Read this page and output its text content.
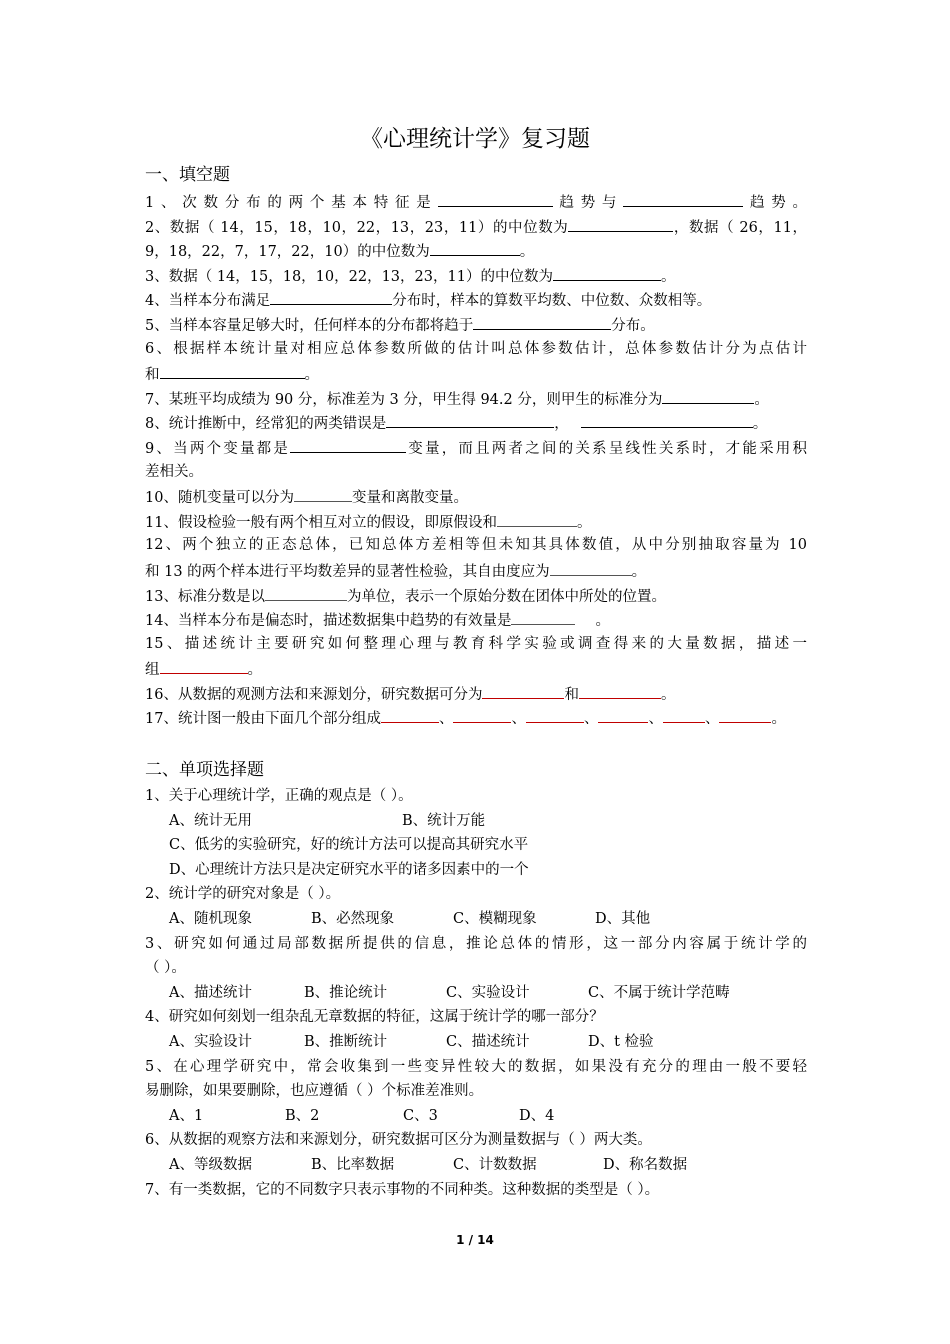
《心理统计学》复习题
一、填空题
1、次数分布的两个基本特征是	趋势与	趋势。
2、数据（ 14，15，18，10，22，13，23，11）的中位数为	，数据（ 26，11，
9，18，22，7，17，22，10）的中位数为	。
3、数据（ 14，15，18，10，22，13，23，11）的中位数为	。
4、当样本分布满足	分布时，样本的算数平均数、中位数、众数相等。
5、当样本容量足够大时，任何样本的分布都将趋于	分布。
6、根据样本统计量对相应总体参数所做的估计叫总体参数估计，总体参数估计分为点估计
和	。
7、某班平均成绩为 90 分，标准差为 3 分，甲生得 94.2 分，则甲生的标准分为	。
8、统计推断中，经常犯的两类错误是	，	。
9、当两个变量都是	变量，而且两者之间的关系呈线性关系时，才能采用积
差相关。
10、随机变量可以分为	变量和离散变量。
11、假设检验一般有两个相互对立的假设，即原假设和	。
12、两个独立的正态总体，已知总体方差相等但未知其具体数值，从中分别抽取容量为 10
和 13 的两个样本进行平均数差异的显著性检验，其自由度应为	。
13、标准分数是以	为单位，表示一个原始分数在团体中所处的位置。
14、当样本分布是偏态时，描述数据集中趋势的有效量是	。
15、描述统计主要研究如何整理心理与教育科学实验或调查得来的大量数据，描述一
组	。
16、从数据的观测方法和来源划分，研究数据可分为	和	。
17、统计图一般由下面几个部分组成	、	、	、	、	、	。
二、单项选择题
1、关于心理统计学，正确的观点是（ ）。
A、统计无用	B、统计万能
C、低劣的实验研究，好的统计方法可以提高其研究水平
D、心理统计方法只是决定研究水平的诸多因素中的一个
2、统计学的研究对象是（ ）。
A、随机现象	B、必然现象	C、模糊现象	D、其他
3、研究如何通过局部数据所提供的信息，推论总体的情形，这一部分内容属于统计学的
（ ）。
A、描述统计	B、推论统计	C、实验设计	C、不属于统计学范畴
4、研究如何刻划一组杂乱无章数据的特征，这属于统计学的哪一部分？
A、实验设计	B、推断统计	C、描述统计	D、t 检验
5、在心理学研究中，常会收集到一些变异性较大的数据，如果没有充分的理由一般不要轻
易删除，如果要删除，也应遵循（ ）个标准差准则。
A、1	B、2	C、3	D、4
6、从数据的观察方法和来源划分，研究数据可区分为测量数据与（ ）两大类。
A、等级数据	B、比率数据	C、计数数据	D、称名数据
7、有一类数据，它的不同数字只表示事物的不同种类。这种数据的类型是（ ）。
1 / 14
